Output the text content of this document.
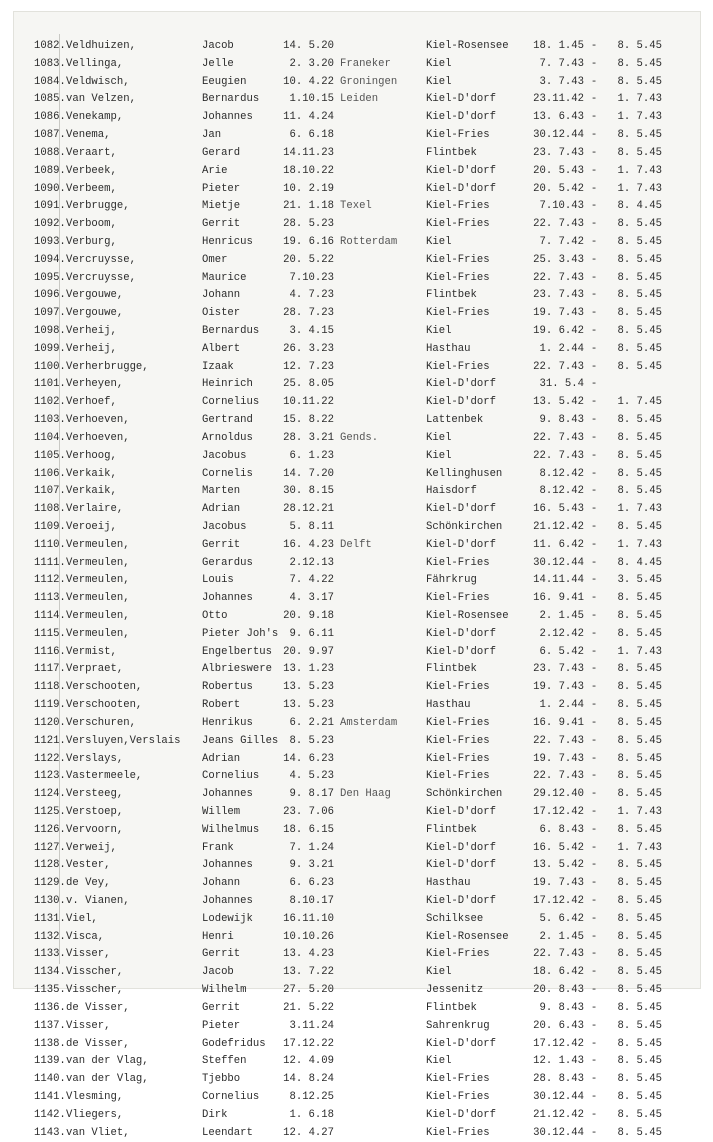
1082. Veldhuizen,	Jacob	14. 5.20	Kiel-Rosensee	18. 1.45 -	8. 5.45
1083. Vellinga,	Jelle	2. 3.20 Franeker	Kiel	7. 7.43 -	8. 5.45
1084. Veldwisch,	Eeugien	10. 4.22 Groningen	Kiel	3. 7.43 -	8. 5.45
1085. van Velzen,	Bernardus	1.10.15 Leiden	Kiel-D'dorf	23.11.42 -	1. 7.43
1086. Venekamp,	Johannes	11. 4.24	Kiel-D'dorf	13. 6.43 -	1. 7.43
1087. Venema,	Jan	6. 6.18	Kiel-Fries	30.12.44 -	8. 5.45
1088. Veraart,	Gerard	14.11.23	Flintbek	23. 7.43 -	8. 5.45
1089. Verbeek,	Arie	18.10.22	Kiel-D'dorf	20. 5.43 -	1. 7.43
1090. Verbeem,	Pieter	10. 2.19	Kiel-D'dorf	20. 5.42 -	1. 7.43
1091. Verbrugge,	Mietje	21. 1.18 Texel	Kiel-Fries	7.10.43 -	8. 4.45
1092. Verboom,	Gerrit	28. 5.23	Kiel-Fries	22. 7.43 -	8. 5.45
1093. Verburg,	Henricus	19. 6.16 Rotterdam	Kiel	7. 7.42 -	8. 5.45
1094. Vercruysse,	Omer	20. 5.22	Kiel-Fries	25. 3.43 -	8. 5.45
1095. Vercruysse,	Maurice	7.10.23	Kiel-Fries	22. 7.43 -	8. 5.45
1096. Vergouwe,	Johann	4. 7.23	Flintbek	23. 7.43 -	8. 5.45
1097. Vergouwe,	Oister	28. 7.23	Kiel-Fries	19. 7.43 -	8. 5.45
1098. Verheij,	Bernardus	3. 4.15	Kiel	19. 6.42 -	8. 5.45
1099. Verheij,	Albert	26. 3.23	Hasthau	1. 2.44 -	8. 5.45
1100. Verherbrugge,	Izaak	12. 7.23	Kiel-Fries	22. 7.43 -	8. 5.45
1101. Verheyen,	Heinrich	25. 8.05	Kiel-D'dorf	31. 5.4 -
1102. Verhoef,	Cornelius	10.11.22	Kiel-D'dorf	13. 5.42 -	1. 7.45
1103. Verhoeven,	Gertrand	15. 8.22	Lattenbek	9. 8.43 -	8. 5.45
1104. Verhoeven,	Arnoldus	28. 3.21 Gends.	Kiel	22. 7.43 -	8. 5.45
1105. Verhoog,	Jacobus	6. 1.23	Kiel	22. 7.43 -	8. 5.45
1106. Verkaik,	Cornelis	14. 7.20	Kellinghusen	8.12.42 -	8. 5.45
1107. Verkaik,	Marten	30. 8.15	Haisdorf	8.12.42 -	8. 5.45
1108. Verlaire,	Adrian	28.12.21	Kiel-D'dorf	16. 5.43 -	1. 7.43
1109. Veroeij,	Jacobus	5. 8.11	Schönkirchen	21.12.42 -	8. 5.45
1110. Vermeulen,	Gerrit	16. 4.23 Delft	Kiel-D'dorf	11. 6.42 -	1. 7.43
1111. Vermeulen,	Gerardus	2.12.13	Kiel-Fries	30.12.44 -	8. 4.45
1112. Vermeulen,	Louis	7. 4.22	Fährkrug	14.11.44 -	3. 5.45
1113. Vermeulen,	Johannes	4. 3.17	Kiel-Fries	16. 9.41 -	8. 5.45
1114. Vermeulen,	Otto	20. 9.18	Kiel-Rosensee	2. 1.45 -	8. 5.45
1115. Vermeulen,	Pieter Joh's	9. 6.11	Kiel-D'dorf	2.12.42 -	8. 5.45
1116. Vermist,	Engelbertus	20. 9.97	Kiel-D'dorf	6. 5.42 -	1. 7.43
1117. Verpraet,	Albrieswere	13. 1.23	Flintbek	23. 7.43 -	8. 5.45
1118. Verschooten,	Robertus	13. 5.23	Kiel-Fries	19. 7.43 -	8. 5.45
1119. Verschooten,	Robert	13. 5.23	Hasthau	1. 2.44 -	8. 5.45
1120. Verschuren,	Henrikus	6. 2.21 Amsterdam	Kiel-Fries	16. 9.41 -	8. 5.45
1121. Versluyen,Verslais	Jeans Gilles	8. 5.23	Kiel-Fries	22. 7.43 -	8. 5.45
1122. Verslays,	Adrian	14. 6.23	Kiel-Fries	19. 7.43 -	8. 5.45
1123. Vastermeele,	Cornelius	4. 5.23	Kiel-Fries	22. 7.43 -	8. 5.45
1124. Versteeg,	Johannes	9. 8.17 Den Haag	Schönkirchen	29.12.40 -	8. 5.45
1125. Verstoep,	Willem	23. 7.06	Kiel-D'dorf	17.12.42 -	1. 7.43
1126. Vervoorn,	Wilhelmus	18. 6.15	Flintbek	6. 8.43 -	8. 5.45
1127. Verweij,	Frank	7. 1.24	Kiel-D'dorf	16. 5.42 -	1. 7.43
1128. Vester,	Johannes	9. 3.21	Kiel-D'dorf	13. 5.42 -	8. 5.45
1129. de Vey,	Johann	6. 6.23	Hasthau	19. 7.43 -	8. 5.45
1130. v. Vianen,	Johannes	8.10.17	Kiel-D'dorf	17.12.42 -	8. 5.45
1131. Viel,	Lodewijk	16.11.10	Schilksee	5. 6.42 -	8. 5.45
1132. Visca,	Henri	10.10.26	Kiel-Rosensee	2. 1.45 -	8. 5.45
1133. Visser,	Gerrit	13. 4.23	Kiel-Fries	22. 7.43 -	8. 5.45
1134. Visscher,	Jacob	13. 7.22	Kiel	18. 6.42 -	8. 5.45
1135. Visscher,	Wilhelm	27. 5.20	Jessenitz	20. 8.43 -	8. 5.45
1136. de Visser,	Gerrit	21. 5.22	Flintbek	9. 8.43 -	8. 5.45
1137. Visser,	Pieter	3.11.24	Sahrenkrug	20. 6.43 -	8. 5.45
1138. de Visser,	Godefridus	17.12.22	Kiel-D'dorf	17.12.42 -	8. 5.45
1139. van der Vlag,	Steffen	12. 4.09	Kiel	12. 1.43 -	8. 5.45
1140. van der Vlag,	Tjebbo	14. 8.24	Kiel-Fries	28. 8.43 -	8. 5.45
1141. Vlesming,	Cornelius	8.12.25	Kiel-Fries	30.12.44 -	8. 5.45
1142. Vliegers,	Dirk	1. 6.18	Kiel-D'dorf	21.12.42 -	8. 5.45
1143. van Vliet,	Leendart	12. 4.27	Kiel-Fries	30.12.44 -	8. 5.45
